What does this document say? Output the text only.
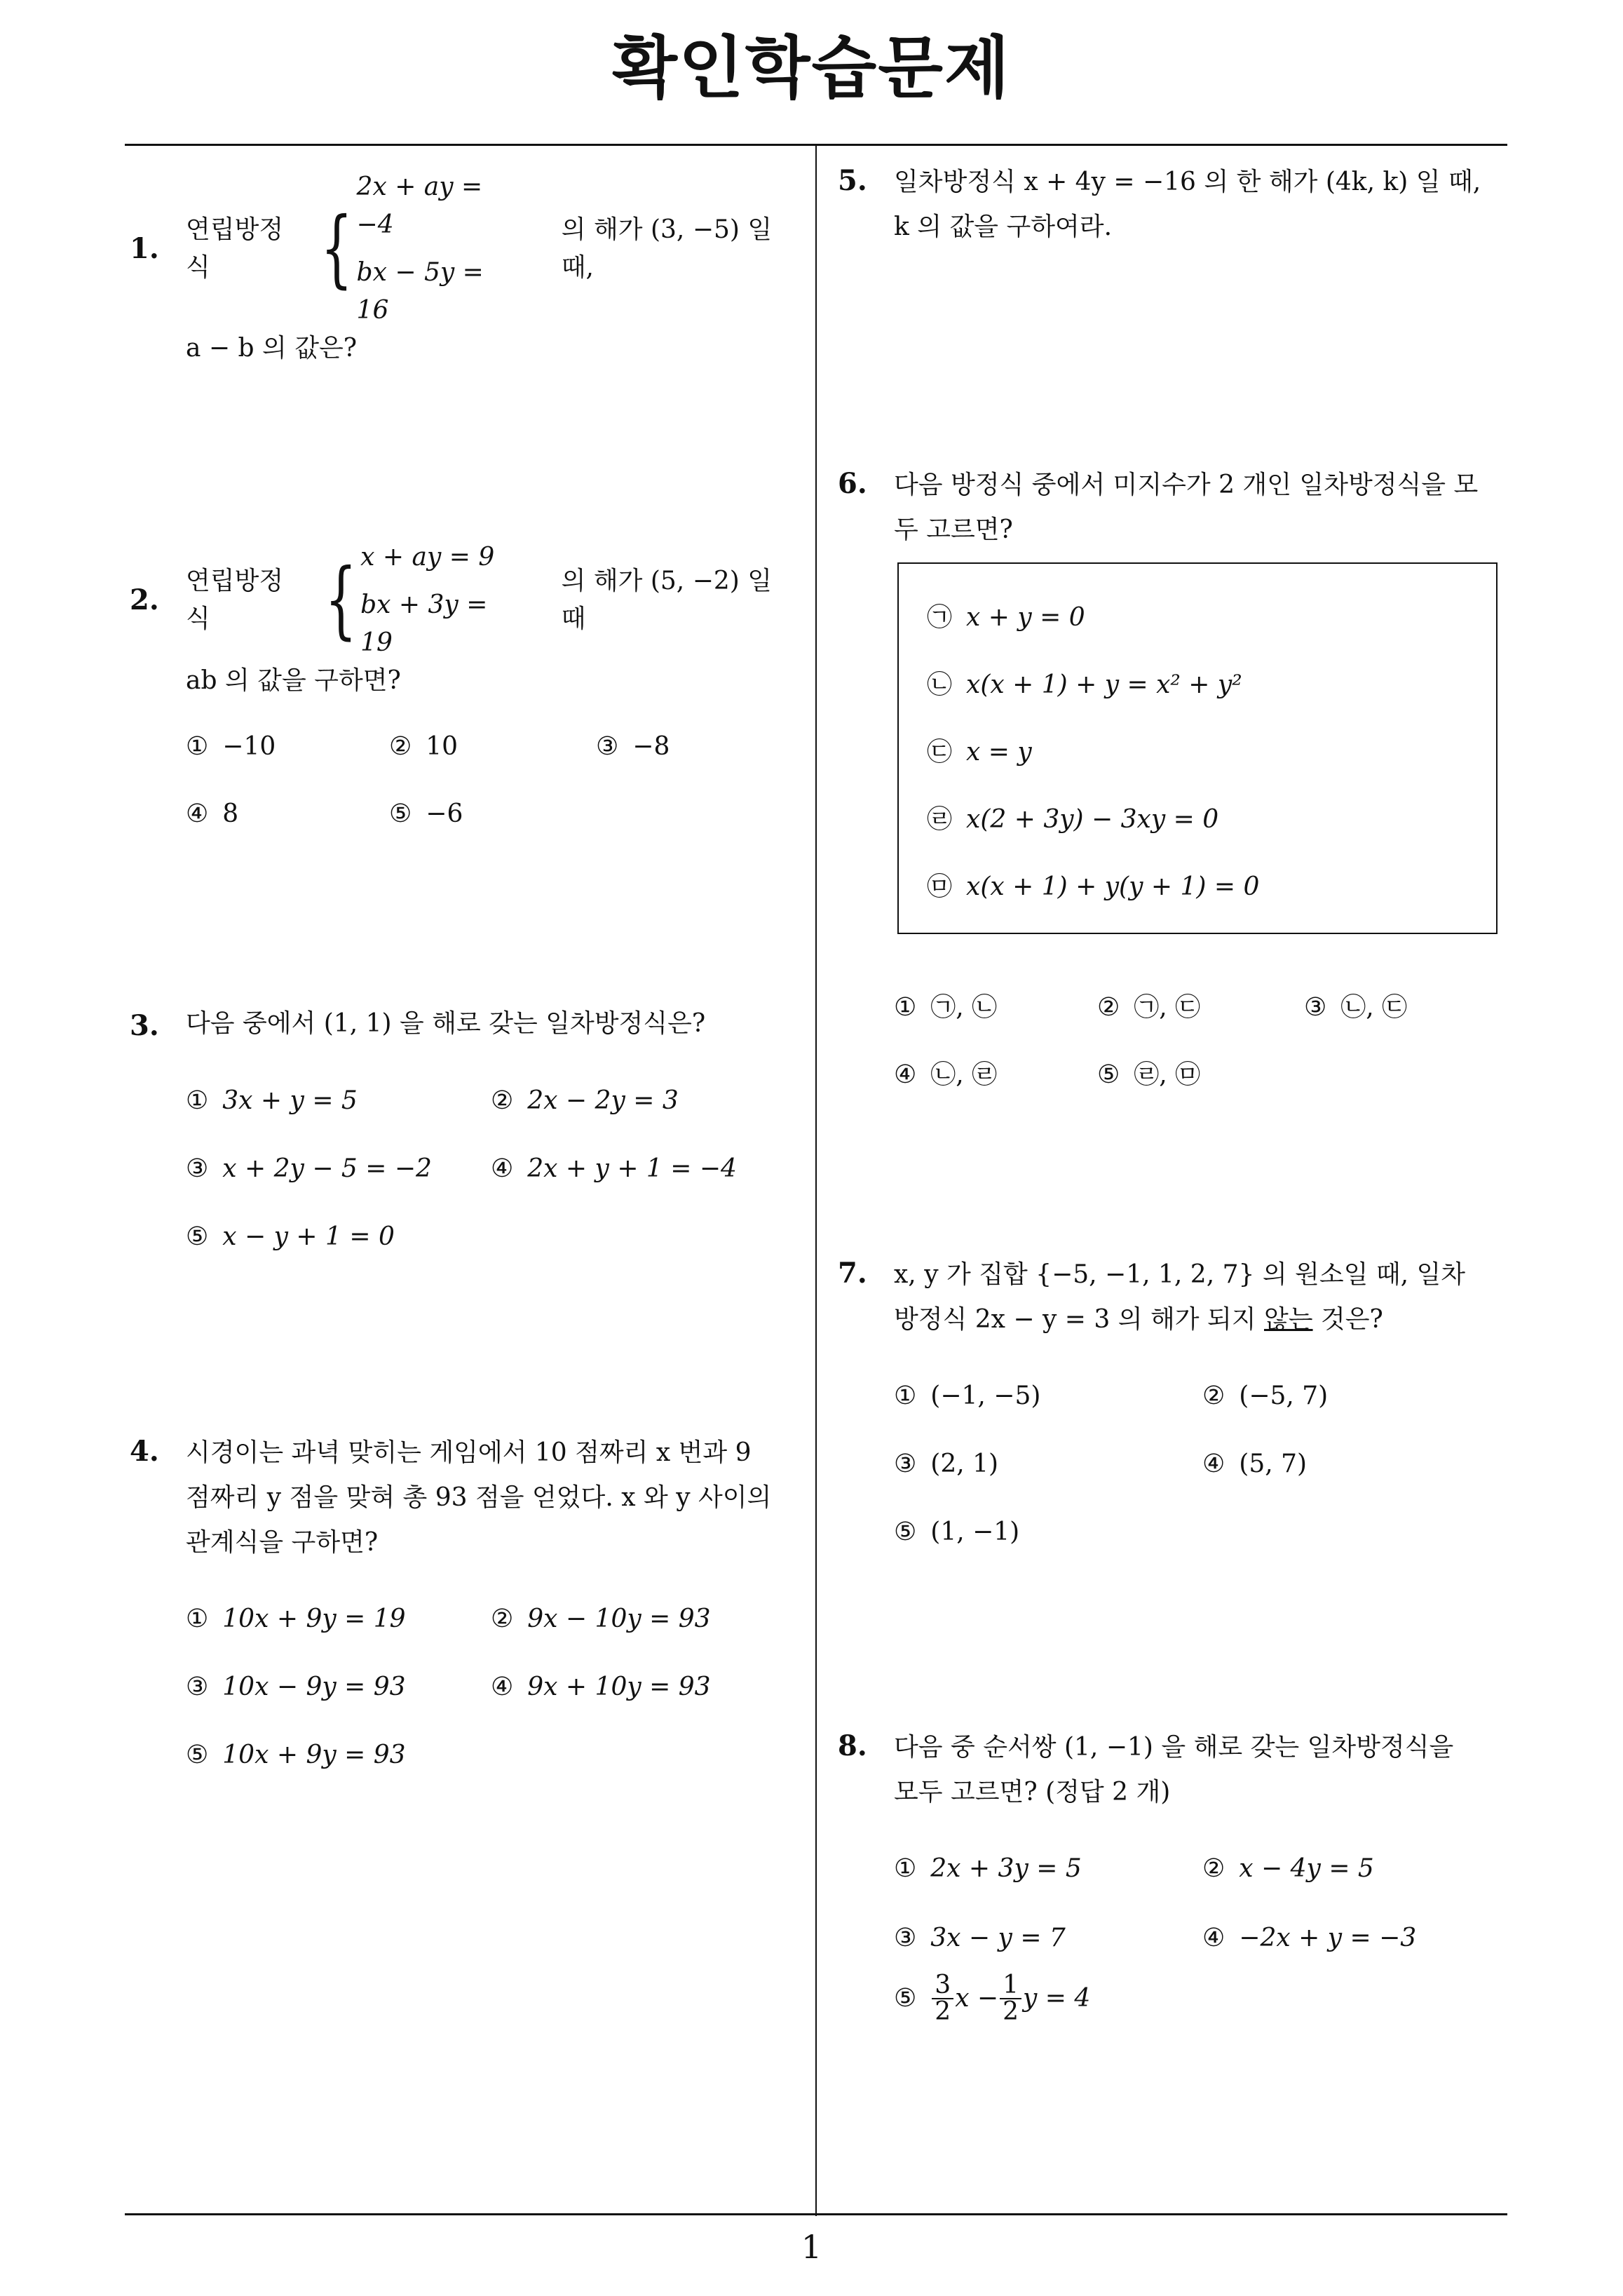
확인학습문제
1
1.
연립방정식	{
2x + ay = −4
bx − 5y = 16
의 해가 (3, −5) 일 때,
a − b 의 값은?
2.
연립방정식	{ x + ay = 9
bx + 3y = 19
의 해가 (5, −2) 일 때
ab 의 값을 구하면?
① −10	② 10	③ −8
④ 8	⑤ −6
3.	다음 중에서 (1, 1) 을 해로 갖는 일차방정식은?
① 3x + y = 5	② 2x − 2y = 3
③ x + 2y − 5 = −2 ④ 2x + y + 1 = −4
⑤ x − y + 1 = 0
4.	시경이는 과녁 맞히는 게임에서 10 점짜리 x 번과 9
점짜리 y 점을 맞혀 총 93 점을 얻었다. x 와 y 사이의
관계식을 구하면?
① 10x + 9y = 19	② 9x − 10y = 93
③ 10x − 9y = 93	④ 9x + 10y = 93
⑤ 10x + 9y = 93
5.	일차방정식 x + 4y = −16 의 한 해가 (4k, k) 일 때,
k 의 값을 구하여라.
6.	다음 방정식 중에서 미지수가 2 개인 일차방정식을 모
두 고르면?
㉠ x + y = 0
㉡ x(x + 1) + y = x² + y²
㉢ x = y
㉣ x(2 + 3y) − 3xy = 0
㉤ x(x + 1) + y(y + 1) = 0
① ㉠, ㉡	② ㉠, ㉢	③ ㉡, ㉢
④ ㉡, ㉣	⑤ ㉣, ㉤
7.	x, y 가 집합 {−5, −1, 1, 2, 7} 의 원소일 때, 일차
방정식 2x − y = 3 의 해가 되지 않는 것은?
① (−1, −5)	② (−5, 7)
③ (2, 1)	④ (5, 7)
⑤ (1, −1)
8.	다음 중 순서쌍 (1, −1) 을 해로 갖는 일차방정식을
모두 고르면? (정답 2 개)
① 2x + 3y = 5	② x − 4y = 5
③ 3x − y = 7	④ −2x + y = −3
⑤ $\frac{3}{2}$ $x - \frac{1}{2}$ y = 4
